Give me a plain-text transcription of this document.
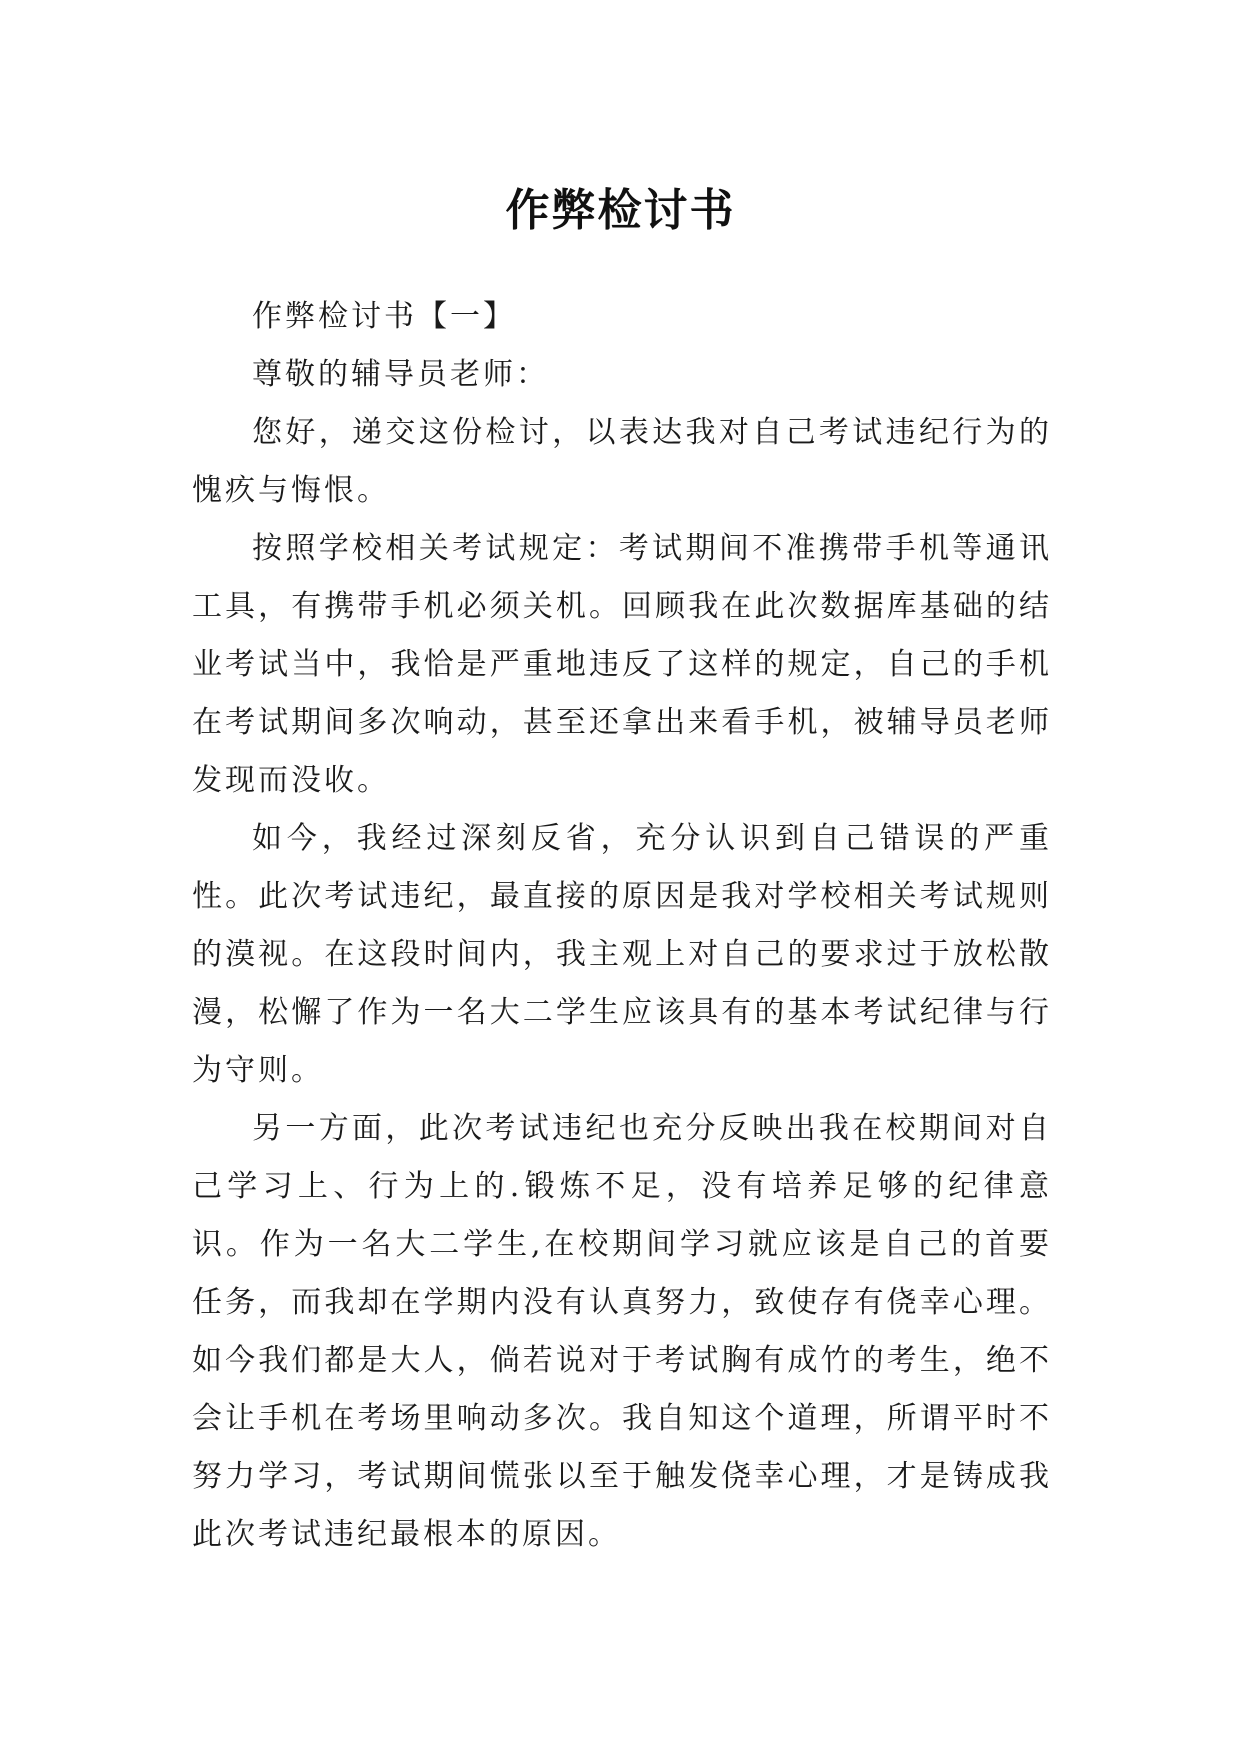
作弊检讨书

作弊检讨书【一】

尊敬的辅导员老师：

您好，递交这份检讨，以表达我对自己考试违纪行为的愧疚与悔恨。

按照学校相关考试规定：考试期间不准携带手机等通讯工具，有携带手机必须关机。回顾我在此次数据库基础的结业考试当中，我恰是严重地违反了这样的规定，自己的手机在考试期间多次响动，甚至还拿出来看手机，被辅导员老师发现而没收。

如今，我经过深刻反省，充分认识到自己错误的严重性。此次考试违纪，最直接的原因是我对学校相关考试规则的漠视。在这段时间内，我主观上对自己的要求过于放松散漫，松懈了作为一名大二学生应该具有的基本考试纪律与行为守则。

另一方面，此次考试违纪也充分反映出我在校期间对自己学习上、行为上的.锻炼不足，没有培养足够的纪律意识。作为一名大二学生,在校期间学习就应该是自己的首要任务，而我却在学期内没有认真努力，致使存有侥幸心理。如今我们都是大人，倘若说对于考试胸有成竹的考生，绝不会让手机在考场里响动多次。我自知这个道理，所谓平时不努力学习，考试期间慌张以至于触发侥幸心理，才是铸成我此次考试违纪最根本的原因。
